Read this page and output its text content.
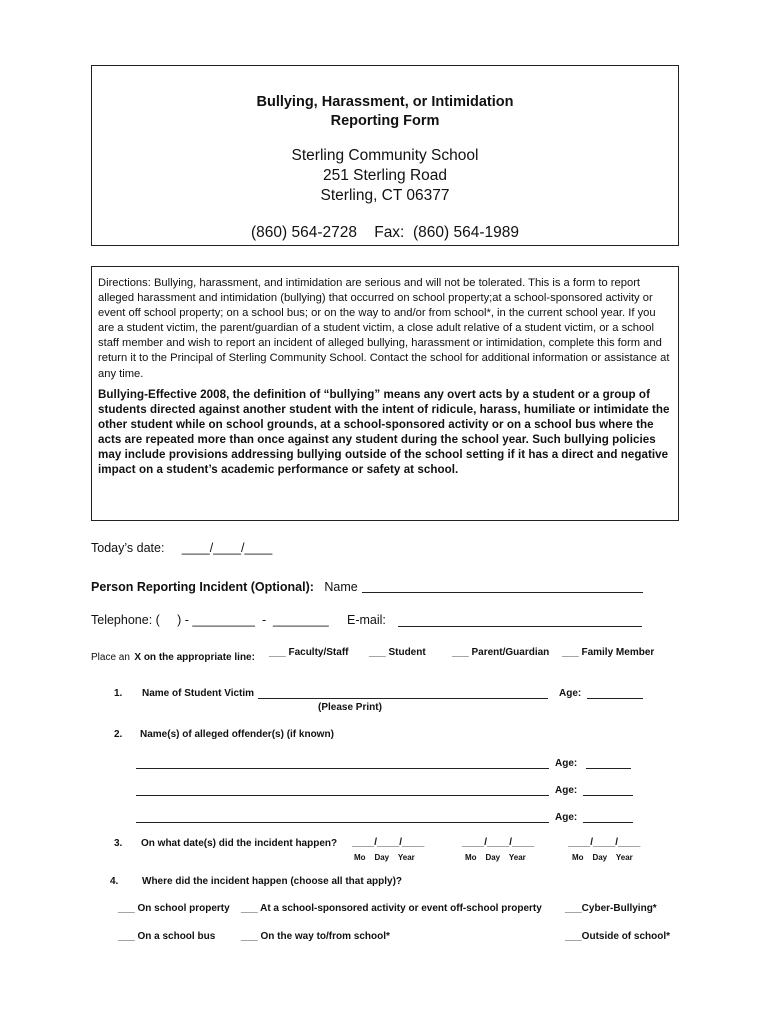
Bullying, Harassment, or Intimidation
Reporting Form
Sterling Community School
251 Sterling Road
Sterling, CT 06377
(860) 564-2728    Fax:  (860) 564-1989

Directions: Bullying, harassment, and intimidation are serious and will not be tolerated. This is a form to report alleged harassment and intimidation (bullying) that occurred on school property;at a school-sponsored activity or event off school property; on a school bus; or on the way to and/or from school*, in the current school year. If you are a student victim, the parent/guardian of a student victim, a close adult relative of a student victim, or a school staff member and wish to report an incident of alleged bullying, harassment or intimidation, complete this form and return it to the Principal of Sterling Community School. Contact the school for additional information or assistance at any time.

Bullying-Effective 2008, the definition of “bullying” means any overt acts by a student or a group of students directed against another student with the intent of ridicule, harass, humiliate or intimidate the other student while on school grounds, at a school-sponsored activity or on a school bus where the acts are repeated more than once against any student during the school year. Such bullying policies may include provisions addressing bullying outside of the school setting if it has a direct and negative impact on a student’s academic performance or safety at school.

Today’s date: ____/____/____
Person Reporting Incident (Optional): Name
Telephone: (     ) - _________  -  ________ E-mail:
Place an X on the appropriate line: ___ Faculty/Staff ___ Student	___ Parent/Guardian ___ Family Member
1. Name of Student Victim	Age:
(Please Print)
2. Name(s) of alleged offender(s) (if known)
Age:
Age:
Age:
3. On what date(s) did the incident happen? ____/____/____
Mo    Day    Year
____/____/____
Mo    Day    Year
____/____/____
Mo    Day    Year
4. Where did the incident happen (choose all that apply)?
___ On school property ___ At a school-sponsored activity or event off-school property ___Cyber-Bullying*
___ On a school bus	___ On the way to/from school*	___Outside of school*
